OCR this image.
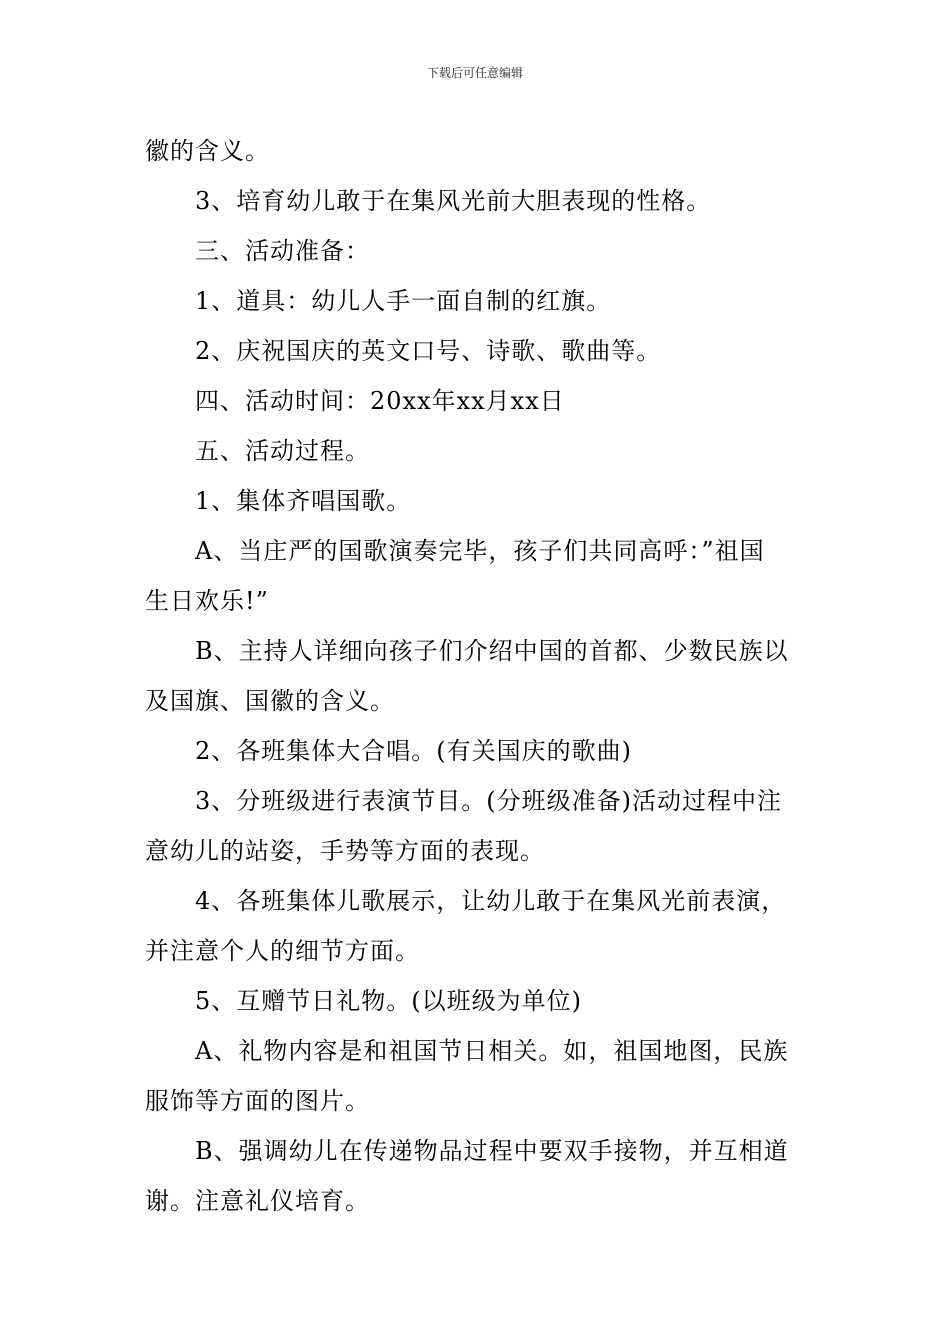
下载后可任意编辑

徽的含义。

3、培育幼儿敢于在集风光前大胆表现的性格。

三、活动准备：

1、道具：幼儿人手一面自制的红旗。

2、庆祝国庆的英文口号、诗歌、歌曲等。

四、活动时间：20xx年xx月xx日

五、活动过程。

1、集体齐唱国歌。

A、当庄严的国歌演奏完毕，孩子们共同高呼：”祖国

生日欢乐!”

B、主持人详细向孩子们介绍中国的首都、少数民族以

及国旗、国徽的含义。

2、各班集体大合唱。(有关国庆的歌曲)

3、分班级进行表演节目。(分班级准备)活动过程中注

意幼儿的站姿，手势等方面的表现。

4、各班集体儿歌展示，让幼儿敢于在集风光前表演，

并注意个人的细节方面。

5、互赠节日礼物。(以班级为单位)

A、礼物内容是和祖国节日相关。如，祖国地图，民族

服饰等方面的图片。

B、强调幼儿在传递物品过程中要双手接物，并互相道

谢。注意礼仪培育。
